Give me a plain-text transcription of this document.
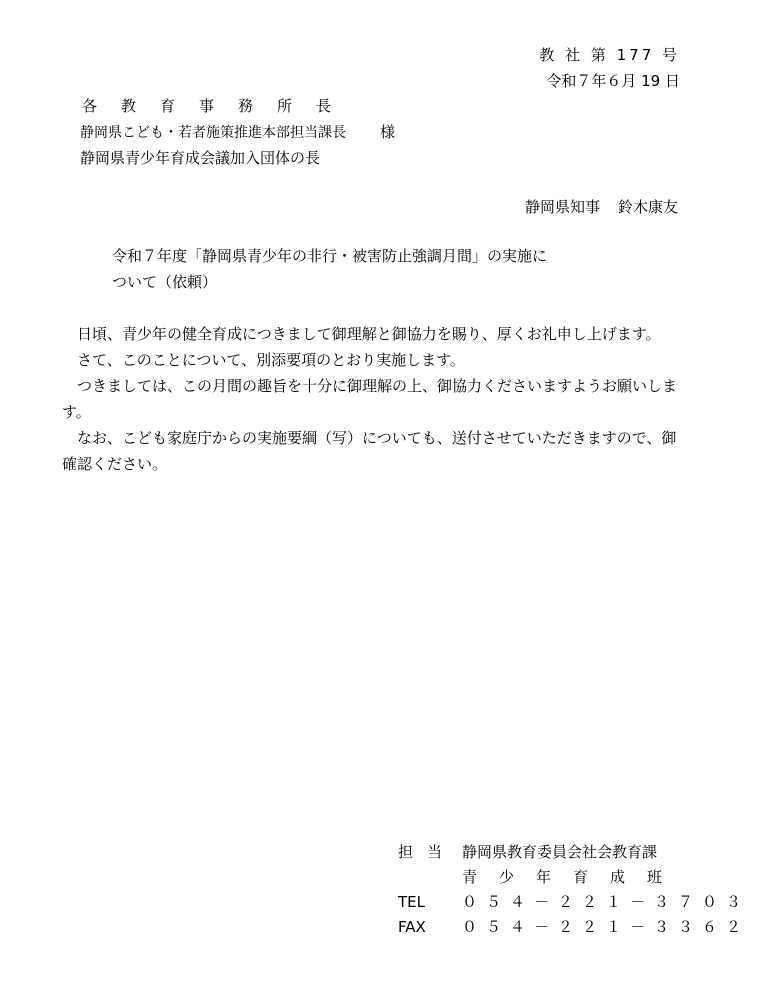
教 社 第 177 号
令和７年６月 19 日
各教育事務所長
静岡県こども・若者施策推進本部担当課長 様
静岡県青少年育成会議加入団体の長
静岡県知事 鈴木康友
令和７年度「静岡県青少年の非行・被害防止強調月間」の実施に
ついて（依頼）

日頃、青少年の健全育成につきまして御理解と御協力を賜り、厚くお礼申し上げます。

さて、このことについて、別添要項のとおり実施します。

つきましては、この月間の趣旨を十分に御理解の上、御協力くださいますようお願いします。

なお、こども家庭庁からの実施要綱（写）についても、送付させていただきますので、御確認ください。

担当 静岡県教育委員会社会教育課
青少年育成班
TEL	０５４－２２１－３７０３
FAX	０５４－２２１－３３６２
